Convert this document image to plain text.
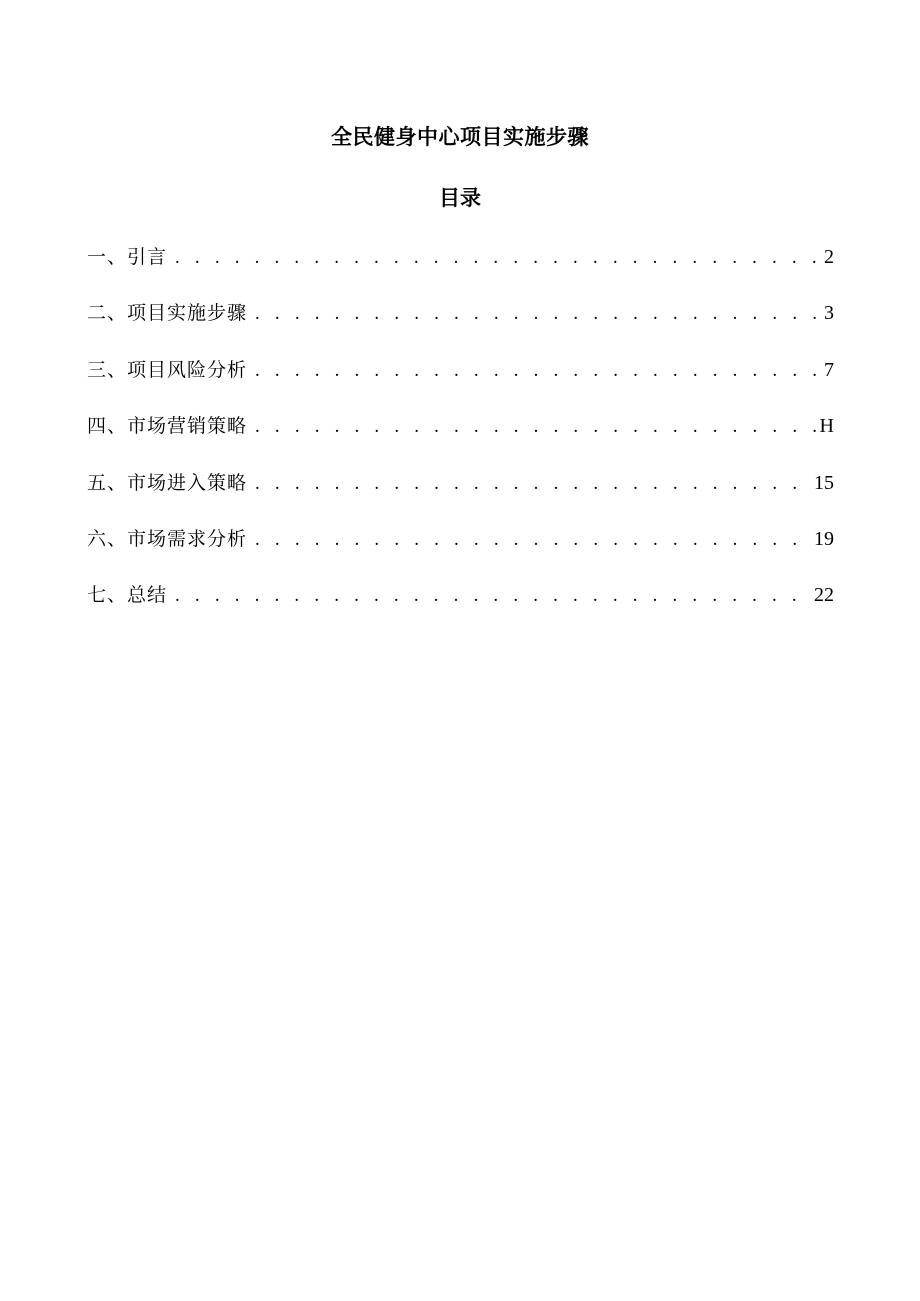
全民健身中心项目实施步骤
目录
一、引言 . . .	2
二、项目实施步骤 . . .	3
三、项目风险分析 . . .	7
四、市场营销策略 . . .	H
五、市场进入策略 . . .	15
六、市场需求分析 . . .	19
七、总结 . . .	22
